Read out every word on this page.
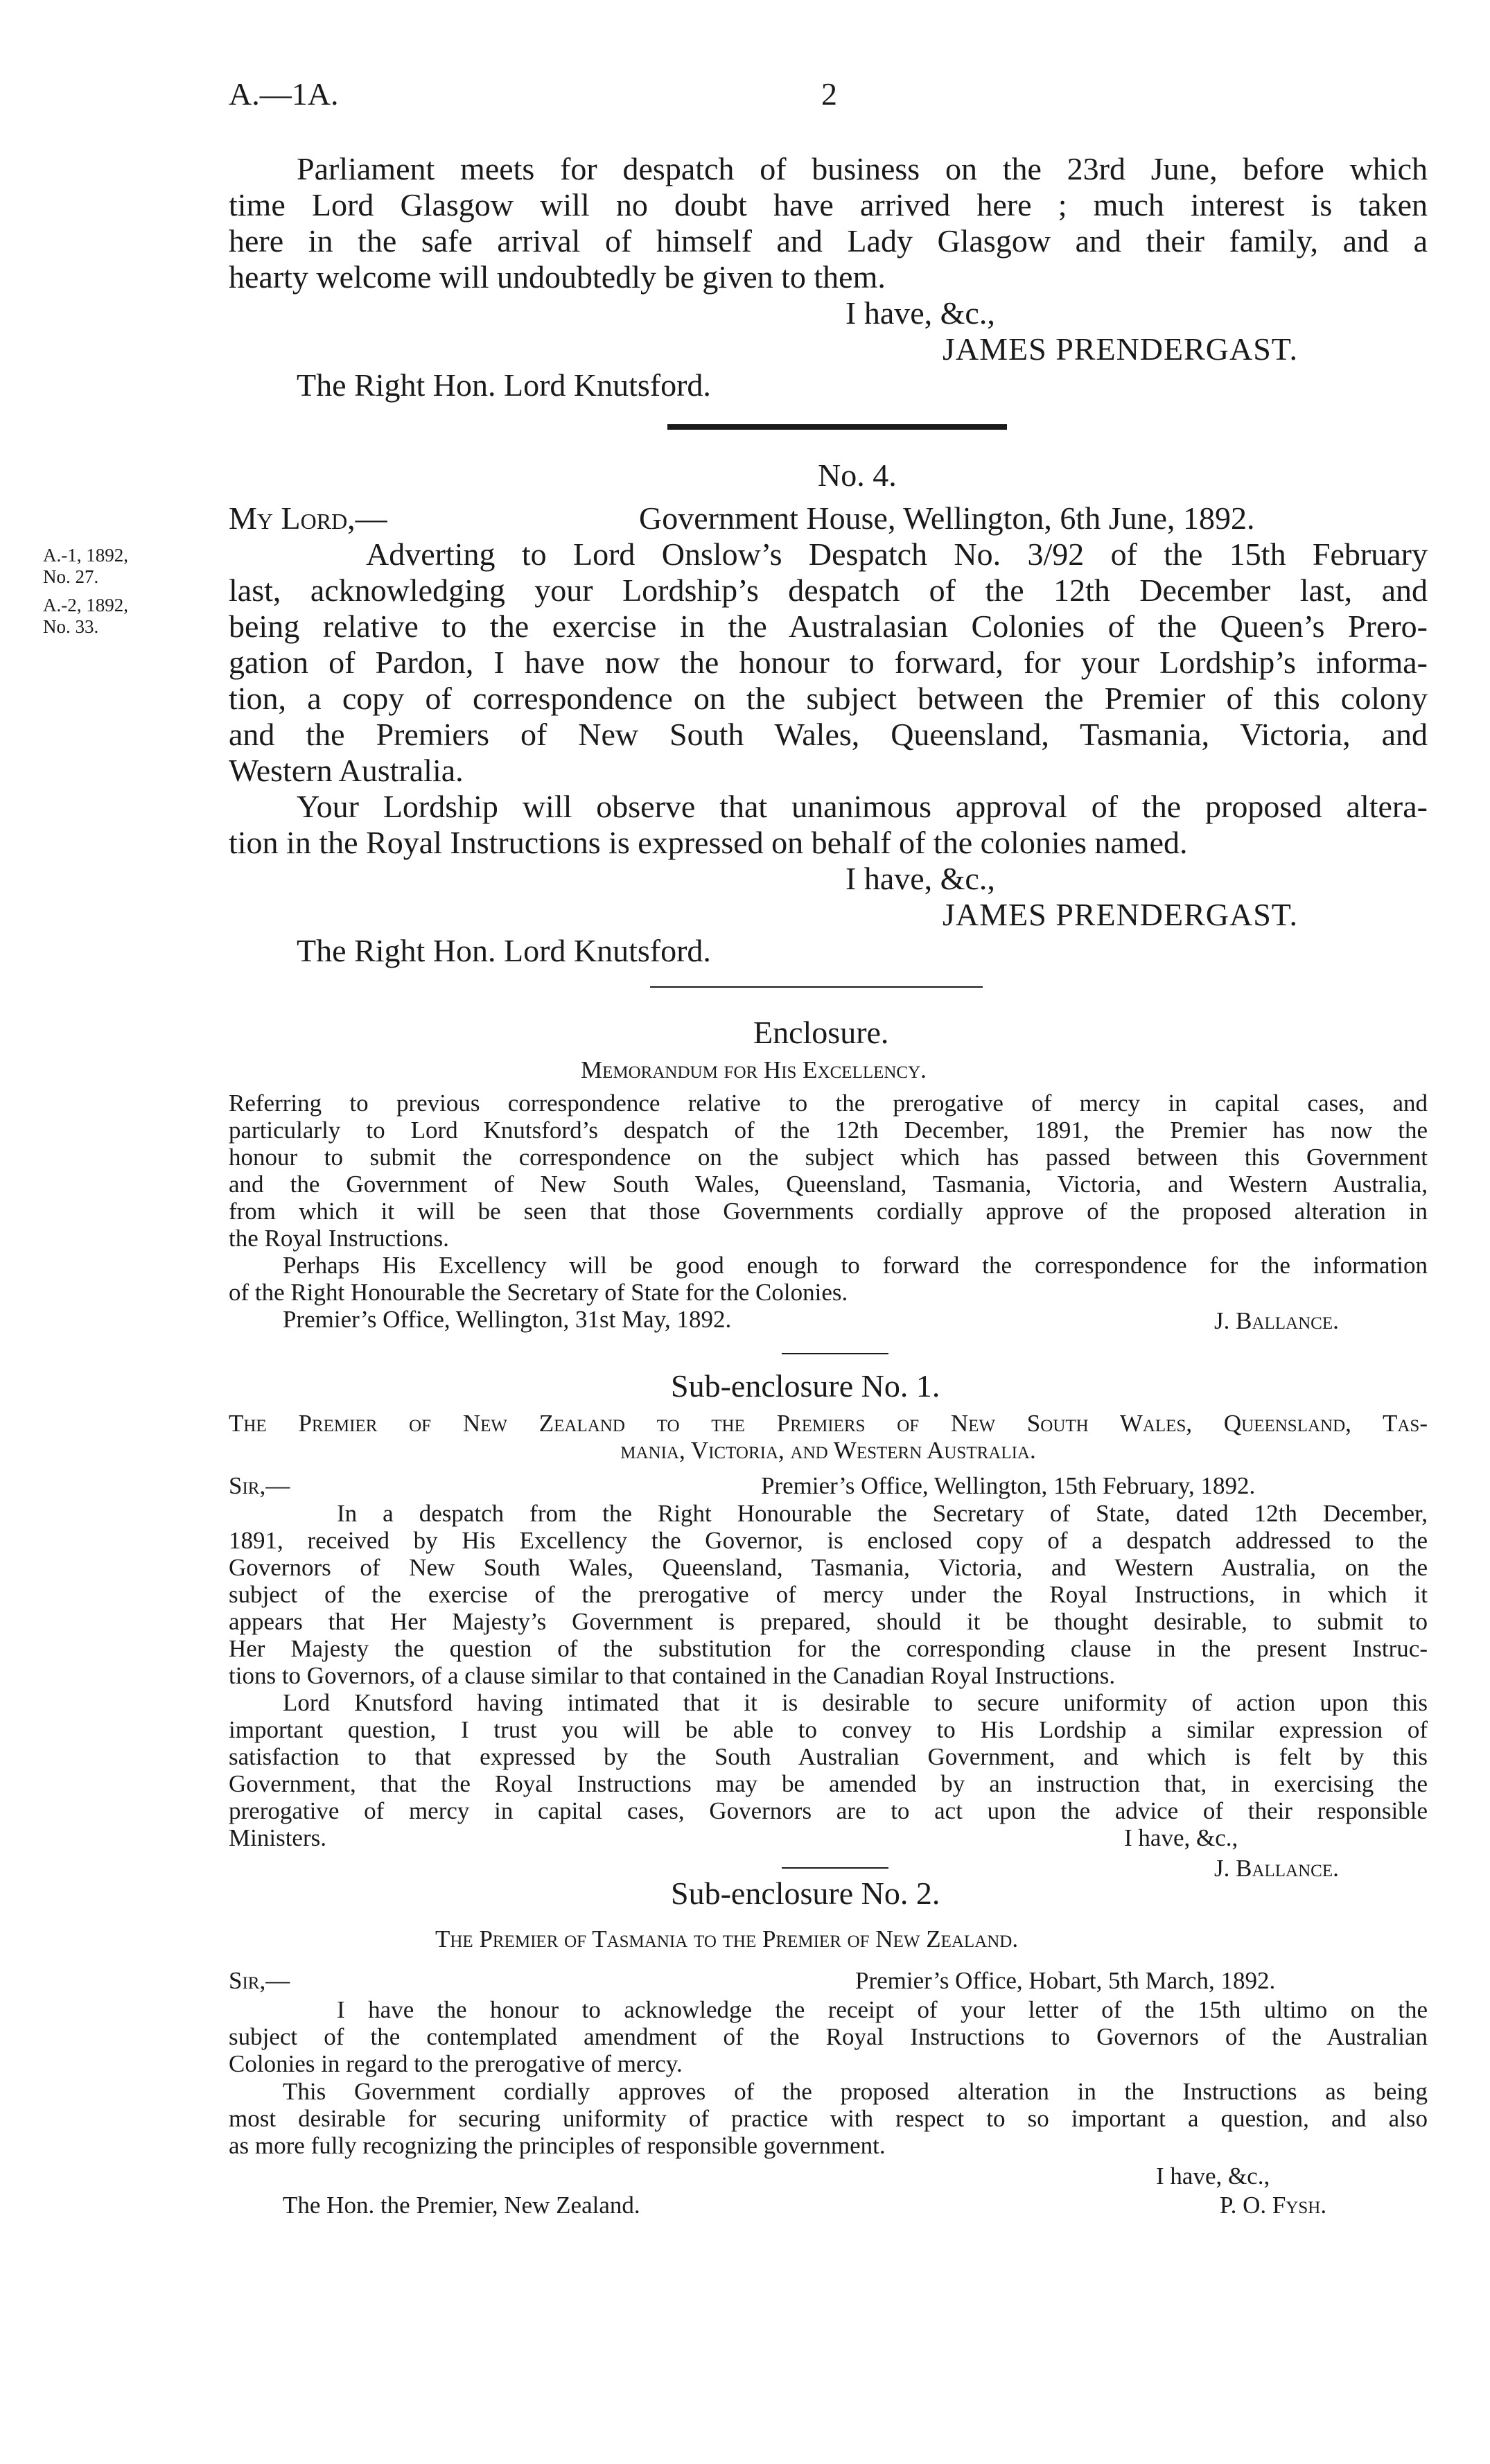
A.—1A.	2

Parliament meets for despatch of business on the 23rd June, before which

time Lord Glasgow will no doubt have arrived here ; much interest is taken

here in the safe arrival of himself and Lady Glasgow and their family, and a

hearty welcome will undoubtedly be given to them.

I have, &c.,
JAMES PRENDERGAST.
The Right Hon. Lord Knutsford.
No. 4.
My Lord,—	Government House, Wellington, 6th June, 1892.
A.-1, 1892,
No. 27.
A.-2, 1892,
No. 33.

Adverting to Lord Onslow’s Despatch No. 3/92 of the 15th February

last, acknowledging your Lordship’s despatch of the 12th December last, and

being relative to the exercise in the Australasian Colonies of the Queen’s Prero-

gation of Pardon, I have now the honour to forward, for your Lordship’s informa-

tion, a copy of correspondence on the subject between the Premier of this colony

and the Premiers of New South Wales, Queensland, Tasmania, Victoria, and

Western Australia.

Your Lordship will observe that unanimous approval of the proposed altera-

tion in the Royal Instructions is expressed on behalf of the colonies named.

I have, &c.,
JAMES PRENDERGAST.
The Right Hon. Lord Knutsford.
Enclosure.
Memorandum for His Excellency.

Referring to previous correspondence relative to the prerogative of mercy in capital cases, and

particularly to Lord Knutsford’s despatch of the 12th December, 1891, the Premier has now the

honour to submit the correspondence on the subject which has passed between this Government

and the Government of New South Wales, Queensland, Tasmania, Victoria, and Western Australia,

from which it will be seen that those Governments cordially approve of the proposed alteration in

the Royal Instructions.

Perhaps His Excellency will be good enough to forward the correspondence for the information

of the Right Honourable the Secretary of State for the Colonies.

Premier’s Office, Wellington, 31st May, 1892.	J. Ballance.
Sub-enclosure No. 1.

The Premier of New Zealand to the Premiers of New South Wales, Queensland, Tas-

mania, Victoria, and Western Australia.

Sir,—	Premier’s Office, Wellington, 15th February, 1892.

In a despatch from the Right Honourable the Secretary of State, dated 12th December,

1891, received by His Excellency the Governor, is enclosed copy of a despatch addressed to the

Governors of New South Wales, Queensland, Tasmania, Victoria, and Western Australia, on the

subject of the exercise of the prerogative of mercy under the Royal Instructions, in which it

appears that Her Majesty’s Government is prepared, should it be thought desirable, to submit to

Her Majesty the question of the substitution for the corresponding clause in the present Instruc-

tions to Governors, of a clause similar to that contained in the Canadian Royal Instructions.

Lord Knutsford having intimated that it is desirable to secure uniformity of action upon this

important question, I trust you will be able to convey to His Lordship a similar expression of

satisfaction to that expressed by the South Australian Government, and which is felt by this

Government, that the Royal Instructions may be amended by an instruction that, in exercising the

prerogative of mercy in capital cases, Governors are to act upon the advice of their responsible

Ministers.	I have, &c.,
J. Ballance.
Sub-enclosure No. 2.
The Premier of Tasmania to the Premier of New Zealand.
Sir,—	Premier’s Office, Hobart, 5th March, 1892.

I have the honour to acknowledge the receipt of your letter of the 15th ultimo on the

subject of the contemplated amendment of the Royal Instructions to Governors of the Australian

Colonies in regard to the prerogative of mercy.

This Government cordially approves of the proposed alteration in the Instructions as being

most desirable for securing uniformity of practice with respect to so important a question, and also

as more fully recognizing the principles of responsible government.

I have, &c.,
The Hon. the Premier, New Zealand.	P. O. Fysh.
